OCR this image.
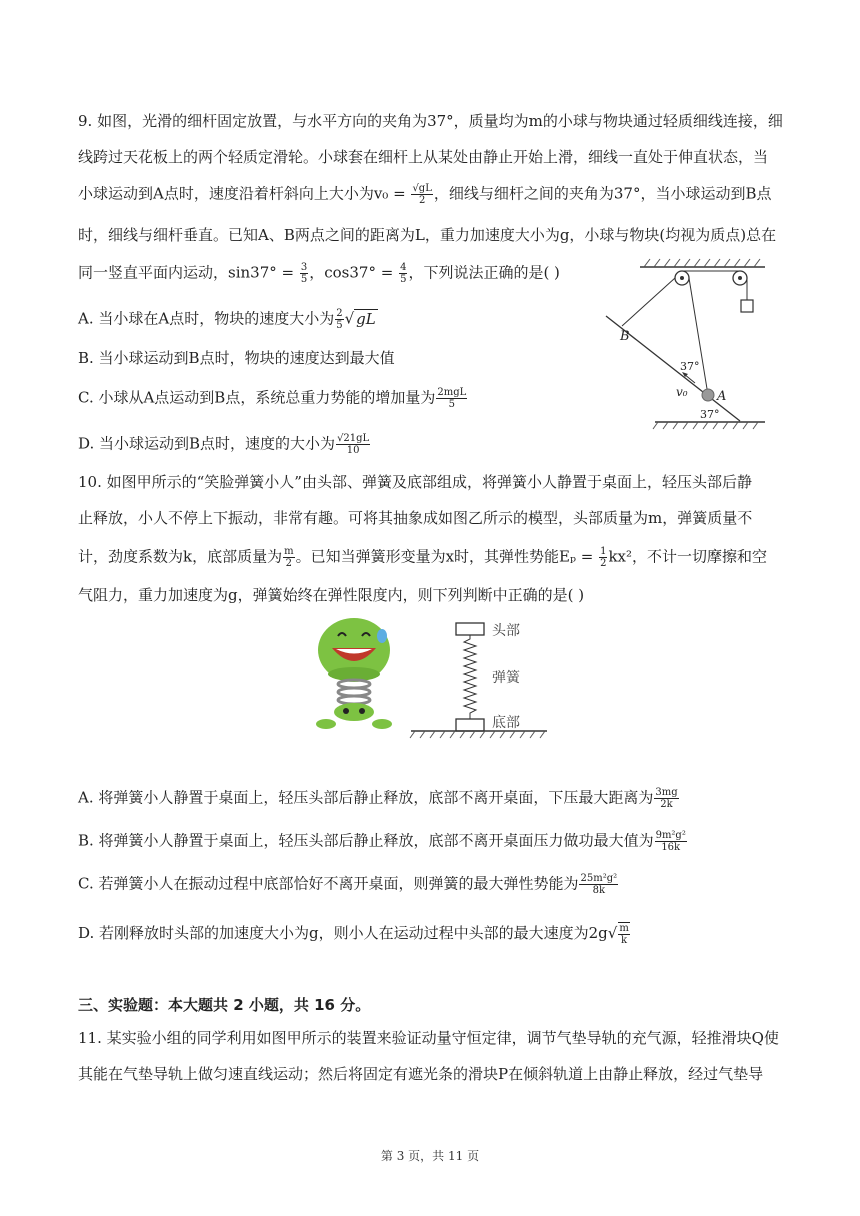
9. 如图，光滑的细杆固定放置，与水平方向的夹角为37°，质量均为m的小球与物块通过轻质细线连接，细
线跨过天花板上的两个轻质定滑轮。小球套在细杆上从某处由静止开始上滑，细线一直处于伸直状态，当
小球运动到A点时，速度沿着杆斜向上大小为$v_0 = \frac{√gL}{2}$ ，细线与细杆之间的夹角为37°，当小球运动到B点
时，细线与细杆垂直。已知A、B两点之间的距离为L，重力加速度大小为g，小球与物块(均视为质点)总在
同一竖直平面内运动，$\sin 37^\circ = \frac{3}{5}$ ，$\cos 37^\circ = \frac{4}{5}$ ，下列说法正确的是( )
A. 当小球在A点时，物块的速度大小为 $\frac{2}{5}$ √ gL
B. 当小球运动到B点时，物块的速度达到最大值
C. 小球从A点运动到B点，系统总重力势能的增加量为 $\frac{\text{2mgL}}{5}$
D. 当小球运动到B点时，速度的大小为 $\frac{√21gL}{10}$
B
A
v₀
37°
37°
10. 如图甲所示的“笑脸弹簧小人”由头部、弹簧及底部组成，将弹簧小人静置于桌面上，轻压头部后静
止释放，小人不停上下振动，非常有趣。可将其抽象成如图乙所示的模型，头部质量为m，弹簧质量不
计，劲度系数为k，底部质量为 $\frac{m}{2}$ 。已知当弹簧形变量为x时，其弹性势能$E_p = \frac{1}{2} kx^2$，不计一切摩擦和空
气阻力，重力加速度为g，弹簧始终在弹性限度内，则下列判断中正确的是( )
头部
弹簧
底部
A. 将弹簧小人静置于桌面上，轻压头部后静止释放，底部不离开桌面，下压最大距离为 $\frac{3mg}{2k}$
B. 将弹簧小人静置于桌面上，轻压头部后静止释放，底部不离开桌面压力做功最大值为 $\frac{\text{9m²g²}}{16k}$
C. 若弹簧小人在振动过程中底部恰好不离开桌面，则弹簧的最大弹性势能为 $\frac{\text{25m²g²}}{8k}$
D. 若刚释放时头部的加速度大小为g，则小人在运动过程中头部的最大速度为$2g√ \frac{m}{k}$
三、实验题：本大题共 2 小题，共 16 分。
11. 某实验小组的同学利用如图甲所示的装置来验证动量守恒定律，调节气垫导轨的充气源，轻推滑块Q使
其能在气垫导轨上做匀速直线运动；然后将固定有遮光条的滑块P在倾斜轨道上由静止释放，经过气垫导
第 3 页，共 11 页
